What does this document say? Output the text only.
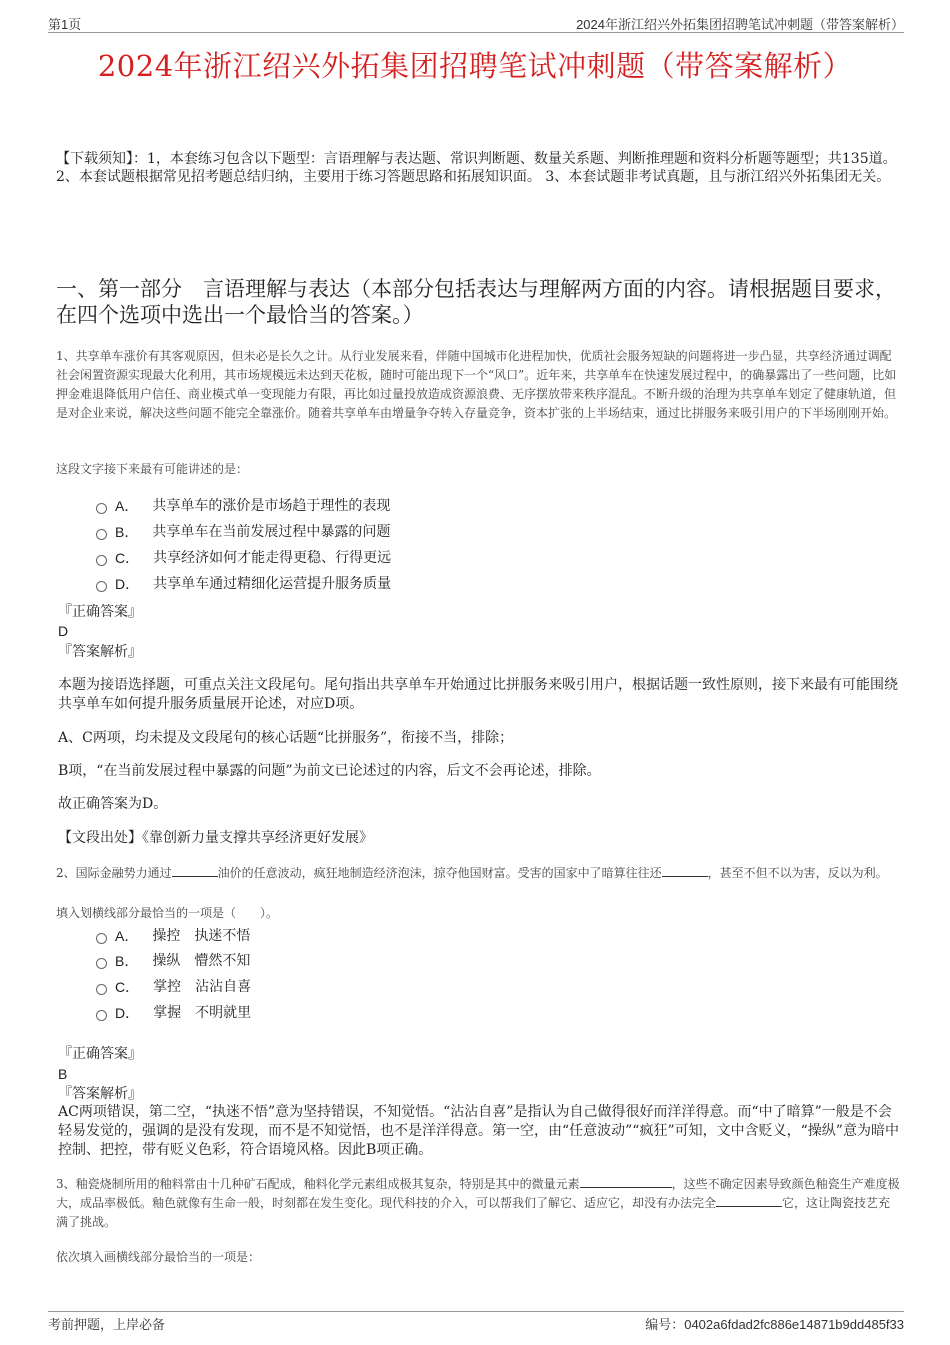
第1页	2024年浙江绍兴外拓集团招聘笔试冲刺题（带答案解析）
2024年浙江绍兴外拓集团招聘笔试冲刺题（带答案解析）
【下载须知】：1，本套练习包含以下题型：言语理解与表达题、常识判断题、数量关系题、判断推理题和资料分析题等题型；共135道。 2、本套试题根据常见招考题总结归纳，主要用于练习答题思路和拓展知识面。 3、本套试题非考试真题，且与浙江绍兴外拓集团无关。
一、第一部分　言语理解与表达（本部分包括表达与理解两方面的内容。请根据题目要求，在四个选项中选出一个最恰当的答案。）
1、共享单车涨价有其客观原因，但未必是长久之计。从行业发展来看，伴随中国城市化进程加快，优质社会服务短缺的问题将进一步凸显，共享经济通过调配社会闲置资源实现最大化利用，其市场规模远未达到天花板，随时可能出现下一个“风口”。近年来，共享单车在快速发展过程中，的确暴露出了一些问题，比如押金难退降低用户信任、商业模式单一变现能力有限，再比如过量投放造成资源浪费、无序摆放带来秩序混乱。不断升级的治理为共享单车划定了健康轨道，但是对企业来说，解决这些问题不能完全靠涨价。随着共享单车由增量争夺转入存量竞争，资本扩张的上半场结束，通过比拼服务来吸引用户的下半场刚刚开始。
这段文字接下来最有可能讲述的是：
A． 共享单车的涨价是市场趋于理性的表现
B． 共享单车在当前发展过程中暴露的问题
C． 共享经济如何才能走得更稳、行得更远
D． 共享单车通过精细化运营提升服务质量
『正确答案』
D
『答案解析』
本题为接语选择题，可重点关注文段尾句。尾句指出共享单车开始通过比拼服务来吸引用户，根据话题一致性原则，接下来最有可能围绕共享单车如何提升服务质量展开论述，对应D项。
A、C两项，均未提及文段尾句的核心话题“比拼服务”，衔接不当，排除；
B项，“在当前发展过程中暴露的问题”为前文已论述过的内容，后文不会再论述，排除。
故正确答案为D。
【文段出处】《靠创新力量支撑共享经济更好发展》
2、国际金融势力通过	油价的任意波动，疯狂地制造经济泡沫，掠夺他国财富。受害的国家中了暗算往往还	，甚至不但不以为害，反以为利。
填入划横线部分最恰当的一项是（　　）。
A． 操控　执迷不悟
B． 操纵　懵然不知
C． 掌控　沾沾自喜
D． 掌握　不明就里
『正确答案』
B
『答案解析』
AC两项错误，第二空，“执迷不悟”意为坚持错误，不知觉悟。“沾沾自喜”是指认为自己做得很好而洋洋得意。而“中了暗算”一般是不会轻易发觉的，强调的是没有发现，而不是不知觉悟，也不是洋洋得意。第一空，由“任意波动”“疯狂”可知，文中含贬义，“操纵”意为暗中控制、把控，带有贬义色彩，符合语境风格。因此B项正确。
3、釉瓷烧制所用的釉料常由十几种矿石配成，釉料化学元素组成极其复杂，特别是其中的微量元素	，这些不确定因素导致颜色釉瓷生产难度极大，成品率极低。釉色就像有生命一般，时刻都在发生变化。现代科技的介入，可以帮我们了解它、适应它，却没有办法完全	它，这让陶瓷技艺充满了挑战。
依次填入画横线部分最恰当的一项是：
考前押题，上岸必备	编号：0402a6fdad2fc886e14871b9dd485f33
